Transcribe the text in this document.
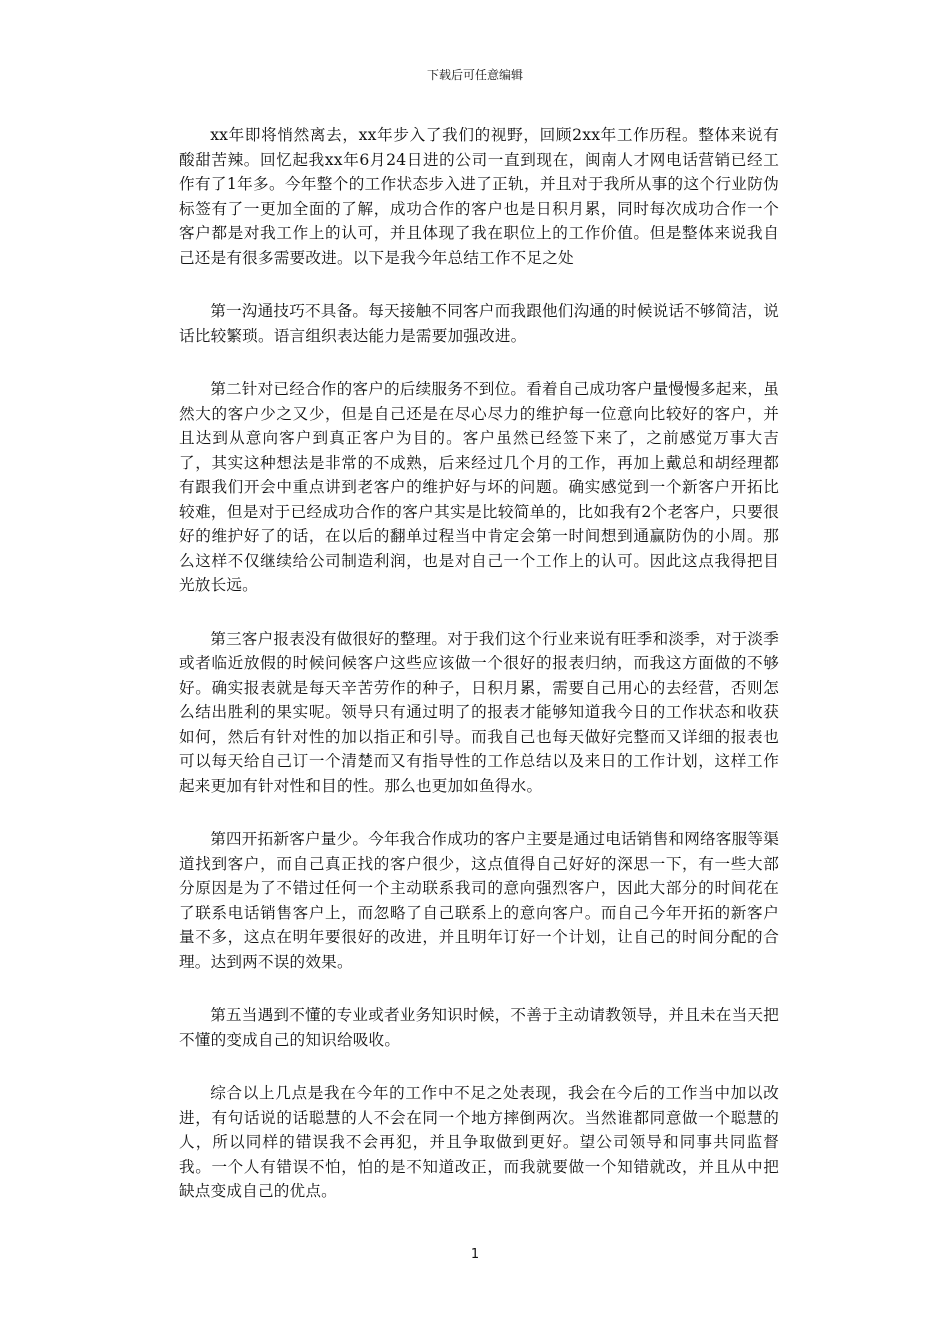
下载后可任意编辑

xx年即将悄然离去，xx年步入了我们的视野，回顾2xx年工作历程。整体来说有酸甜苦辣。回忆起我xx年6月24日进的公司一直到现在，闽南人才网电话营销已经工作有了1年多。今年整个的工作状态步入进了正轨，并且对于我所从事的这个行业防伪标签有了一更加全面的了解，成功合作的客户也是日积月累，同时每次成功合作一个客户都是对我工作上的认可，并且体现了我在职位上的工作价值。但是整体来说我自己还是有很多需要改进。以下是我今年总结工作不足之处

第一沟通技巧不具备。每天接触不同客户而我跟他们沟通的时候说话不够简洁，说话比较繁琐。语言组织表达能力是需要加强改进。

第二针对已经合作的客户的后续服务不到位。看着自己成功客户量慢慢多起来，虽然大的客户少之又少，但是自己还是在尽心尽力的维护每一位意向比较好的客户，并且达到从意向客户到真正客户为目的。客户虽然已经签下来了，之前感觉万事大吉了，其实这种想法是非常的不成熟，后来经过几个月的工作，再加上戴总和胡经理都有跟我们开会中重点讲到老客户的维护好与坏的问题。确实感觉到一个新客户开拓比较难，但是对于已经成功合作的客户其实是比较简单的，比如我有2个老客户，只要很好的维护好了的话，在以后的翻单过程当中肯定会第一时间想到通赢防伪的小周。那么这样不仅继续给公司制造利润，也是对自己一个工作上的认可。因此这点我得把目光放长远。

第三客户报表没有做很好的整理。对于我们这个行业来说有旺季和淡季，对于淡季或者临近放假的时候问候客户这些应该做一个很好的报表归纳，而我这方面做的不够好。确实报表就是每天辛苦劳作的种子，日积月累，需要自己用心的去经营，否则怎么结出胜利的果实呢。领导只有通过明了的报表才能够知道我今日的工作状态和收获如何，然后有针对性的加以指正和引导。而我自己也每天做好完整而又详细的报表也可以每天给自己订一个清楚而又有指导性的工作总结以及来日的工作计划，这样工作起来更加有针对性和目的性。那么也更加如鱼得水。

第四开拓新客户量少。今年我合作成功的客户主要是通过电话销售和网络客服等渠道找到客户，而自己真正找的客户很少，这点值得自己好好的深思一下，有一些大部分原因是为了不错过任何一个主动联系我司的意向强烈客户，因此大部分的时间花在了联系电话销售客户上，而忽略了自己联系上的意向客户。而自己今年开拓的新客户量不多，这点在明年要很好的改进，并且明年订好一个计划，让自己的时间分配的合理。达到两不误的效果。

第五当遇到不懂的专业或者业务知识时候，不善于主动请教领导，并且未在当天把不懂的变成自己的知识给吸收。

综合以上几点是我在今年的工作中不足之处表现，我会在今后的工作当中加以改进，有句话说的话聪慧的人不会在同一个地方摔倒两次。当然谁都同意做一个聪慧的人，所以同样的错误我不会再犯，并且争取做到更好。望公司领导和同事共同监督我。一个人有错误不怕，怕的是不知道改正，而我就要做一个知错就改，并且从中把缺点变成自己的优点。

1
